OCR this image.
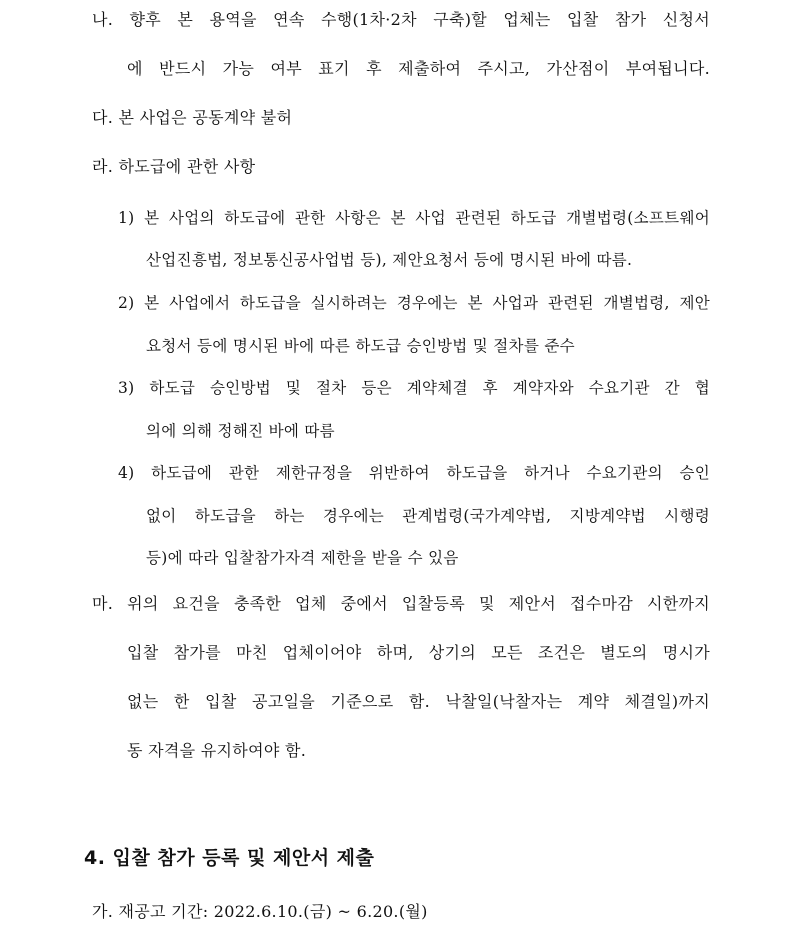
나. 향후 본 용역을 연속 수행(1차·2차 구축)할 업체는 입찰 참가 신청서
에 반드시 가능 여부 표기 후 제출하여 주시고, 가산점이 부여됩니다.
다. 본 사업은 공동계약 불허
라. 하도급에 관한 사항
1) 본 사업의 하도급에 관한 사항은 본 사업 관련된 하도급 개별법령(소프트웨어
산업진흥법, 정보통신공사업법 등), 제안요청서 등에 명시된 바에 따름.
2) 본 사업에서 하도급을 실시하려는 경우에는 본 사업과 관련된 개별법령, 제안
요청서 등에 명시된 바에 따른 하도급 승인방법 및 절차를 준수
3) 하도급 승인방법 및 절차 등은 계약체결 후 계약자와 수요기관 간 협
의에 의해 정해진 바에 따름
4) 하도급에 관한 제한규정을 위반하여 하도급을 하거나 수요기관의 승인
없이 하도급을 하는 경우에는 관계법령(국가계약법, 지방계약법 시행령
등)에 따라 입찰참가자격 제한을 받을 수 있음
마. 위의 요건을 충족한 업체 중에서 입찰등록 및 제안서 접수마감 시한까지
입찰 참가를 마친 업체이어야 하며, 상기의 모든 조건은 별도의 명시가
없는 한 입찰 공고일을 기준으로 함. 낙찰일(낙찰자는 계약 체결일)까지
동 자격을 유지하여야 함.
4. 입찰 참가 등록 및 제안서 제출
가. 재공고 기간: 2022.6.10.(금) ~ 6.20.(월)
